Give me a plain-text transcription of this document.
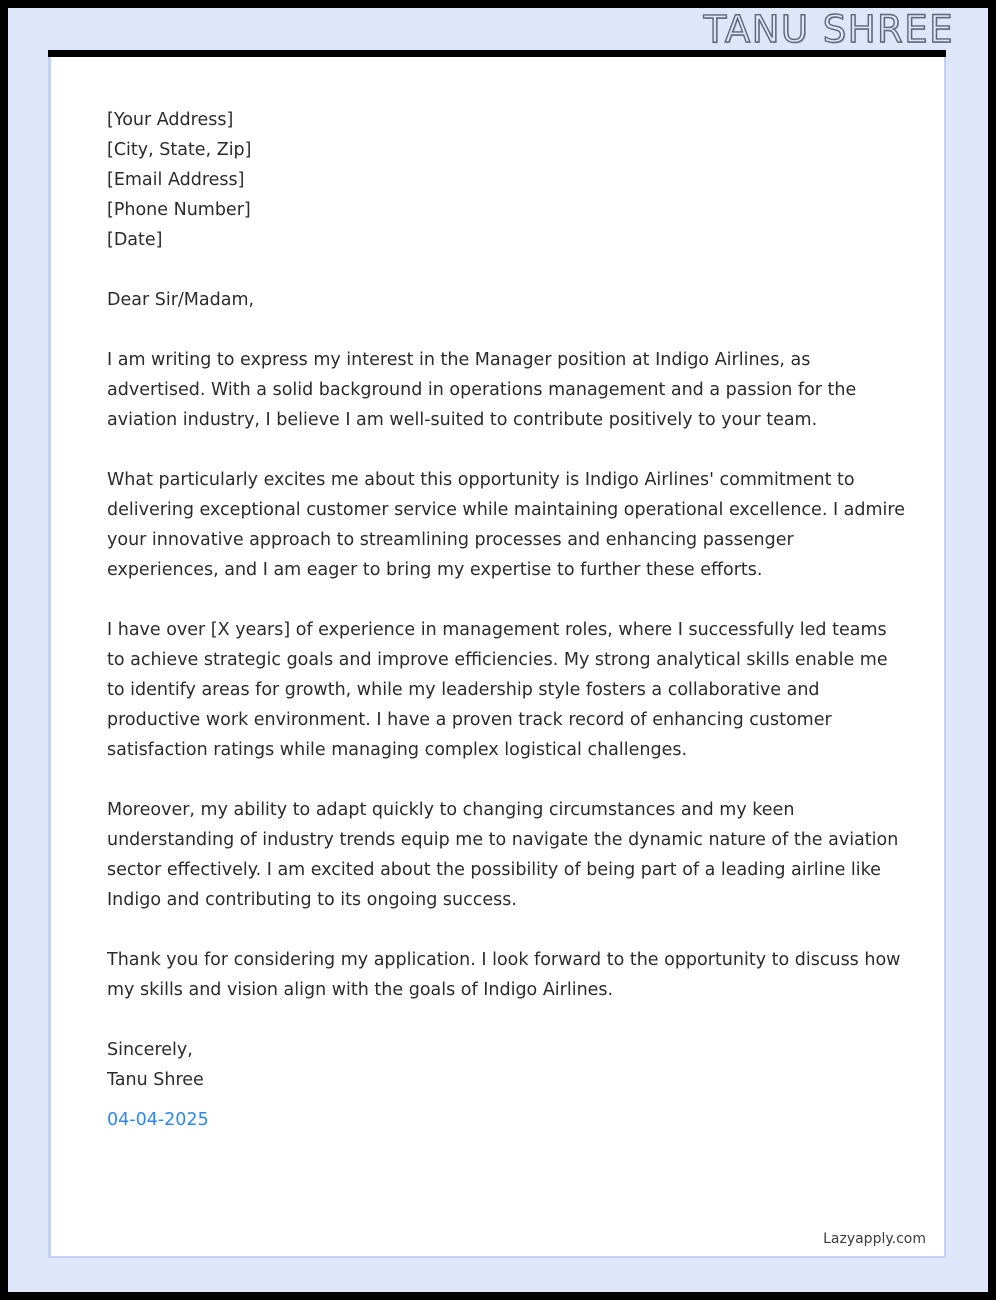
TANU SHREE
[Your Address]
[City, State, Zip]
[Email Address]
[Phone Number]
[Date]
Dear Sir/Madam,

I am writing to express my interest in the Manager position at Indigo Airlines, as advertised. With a solid background in operations management and a passion for the aviation industry, I believe I am well-suited to contribute positively to your team.

What particularly excites me about this opportunity is Indigo Airlines' commitment to delivering exceptional customer service while maintaining operational excellence. I admire your innovative approach to streamlining processes and enhancing passenger experiences, and I am eager to bring my expertise to further these efforts.

I have over [X years] of experience in management roles, where I successfully led teams to achieve strategic goals and improve efficiencies. My strong analytical skills enable me to identify areas for growth, while my leadership style fosters a collaborative and productive work environment. I have a proven track record of enhancing customer satisfaction ratings while managing complex logistical challenges.

Moreover, my ability to adapt quickly to changing circumstances and my keen understanding of industry trends equip me to navigate the dynamic nature of the aviation sector effectively. I am excited about the possibility of being part of a leading airline like Indigo and contributing to its ongoing success.

Thank you for considering my application. I look forward to the opportunity to discuss how my skills and vision align with the goals of Indigo Airlines.

Sincerely,
Tanu Shree
04-04-2025
Lazyapply.com
